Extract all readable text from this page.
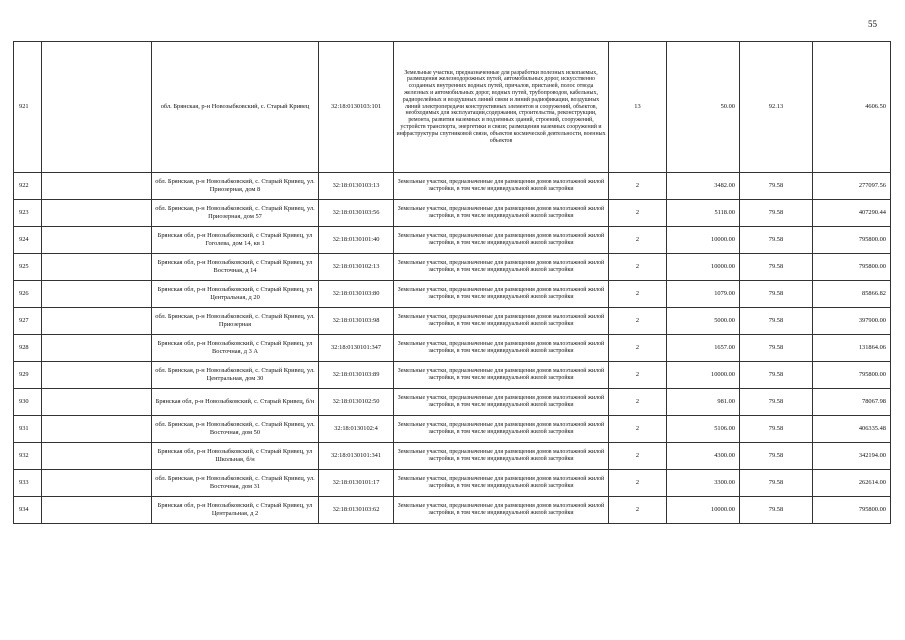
55
921		обл. Брянская, р-н Новозыбковский, с. Старый Кривец	32:18:0130103:101	Земельные участки, предназначенные для разработки полезных ископаемых, размещения железнодорожных путей, автомобильных дорог, искусственно созданных внутренних водных путей, причалов, пристаней, полос отвода железных и автомобильных дорог, водных путей, трубопроводов, кабельных, радиорелейных и воздушных линий связи и линий радиофикации, воздушных линий электропередачи конструктивных элементов и сооружений, объектов, необходимых для эксплуатации,содержания, строительства, реконструкции, ремонта, развития наземных и подземных зданий, строений, сооружений, устройств транспорта, энергетики и связи; размещения наземных сооружений и инфраструктуры спутниковой связи, объектов космической деятельности, военных объектов	13	50.00	92.13	4606.50
922		обл. Брянская, р-н Новозыбковский, с. Старый Кривец, ул. Приозерная, дом 8	32:18:0130103:13	Земельные участки, предназначенные для размещения домов малоэтажной жилой застройки, в том числе индивидуальной жилой застройки	2	3482.00	79.58	277097.56
923		обл. Брянская, р-н Новозыбковский, с. Старый Кривец, ул. Приозерная, дом 57	32:18:0130103:56	Земельные участки, предназначенные для размещения домов малоэтажной жилой застройки, в том числе индивидуальной жилой застройки	2	5118.00	79.58	407290.44
924		Брянская обл, р-н Новозыбковский, с Старый Кривец, ул Гоголева, дом 14, кв 1	32:18:0130101:40	Земельные участки, предназначенные для размещения домов малоэтажной жилой застройки, в том числе индивидуальной жилой застройки	2	10000.00	79.58	795800.00
925		Брянская обл, р-н Новозыбковский, с Старый Кривец, ул Восточная, д 14	32:18:0130102:13	Земельные участки, предназначенные для размещения домов малоэтажной жилой застройки, в том числе индивидуальной жилой застройки	2	10000.00	79.58	795800.00
926		Брянская обл, р-н Новозыбковский, с Старый Кривец, ул Центральная, д 20	32:18:0130103:80	Земельные участки, предназначенные для размещения домов малоэтажной жилой застройки, в том числе индивидуальной жилой застройки	2	1079.00	79.58	85866.82
927		обл. Брянская, р-н Новозыбковский, с. Старый Кривец, ул. Приозерная	32:18:0130103:98	Земельные участки, предназначенные для размещения домов малоэтажной жилой застройки, в том числе индивидуальной жилой застройки	2	5000.00	79.58	397900.00
928		Брянская обл, р-н Новозыбковский, с Старый Кривец, ул Восточная, д 3 А	32:18:0130101:347	Земельные участки, предназначенные для размещения домов малоэтажной жилой застройки, в том числе индивидуальной жилой застройки	2	1657.00	79.58	131864.06
929		обл. Брянская, р-н Новозыбковский, с. Старый Кривец, ул. Центральная, дом 30	32:18:0130103:89	Земельные участки, предназначенные для размещения домов малоэтажной жилой застройки, в том числе индивидуальной жилой застройки	2	10000.00	79.58	795800.00
930		Брянская обл, р-н Новозыбковский, с. Старый Кривец, б/н	32:18:0130102:50	Земельные участки, предназначенные для размещения домов малоэтажной жилой застройки, в том числе индивидуальной жилой застройки	2	981.00	79.58	78067.98
931		обл. Брянская, р-н Новозыбковский, с. Старый Кривец, ул. Восточная, дом 50	32:18:0130102:4	Земельные участки, предназначенные для размещения домов малоэтажной жилой застройки, в том числе индивидуальной жилой застройки	2	5106.00	79.58	406335.48
932		Брянская обл, р-н Новозыбковский, с Старый Кривец, ул Школьная, б/н	32:18:0130101:341	Земельные участки, предназначенные для размещения домов малоэтажной жилой застройки, в том числе индивидуальной жилой застройки	2	4300.00	79.58	342194.00
933		обл. Брянская, р-н Новозыбковский, с. Старый Кривец, ул. Восточная, дом 31	32:18:0130101:17	Земельные участки, предназначенные для размещения домов малоэтажной жилой застройки, в том числе индивидуальной жилой застройки	2	3300.00	79.58	262614.00
934		Брянская обл, р-н Новозыбковский, с Старый Кривец, ул Центральная, д 2	32:18:0130103:62	Земельные участки, предназначенные для размещения домов малоэтажной жилой застройки, в том числе индивидуальной жилой застройки	2	10000.00	79.58	795800.00
